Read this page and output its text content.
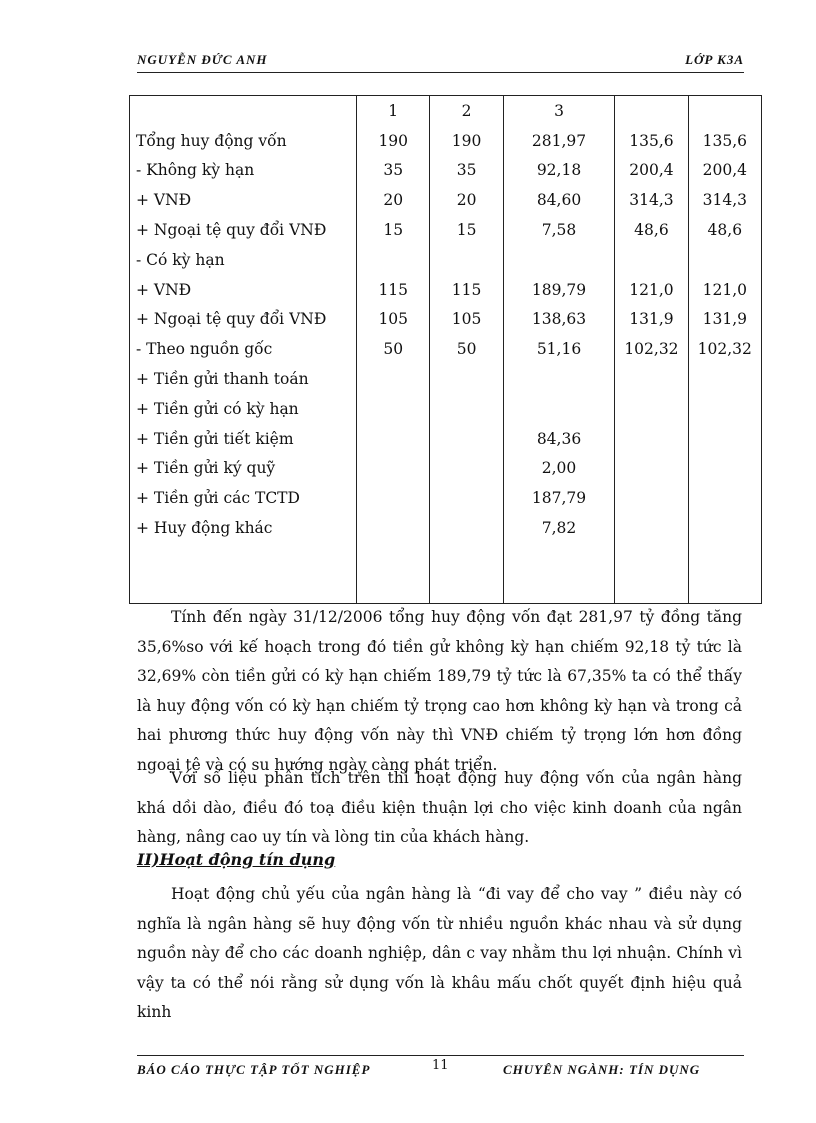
NGUYỄN ĐỨC ANH	LỚP K3A
	1	2	3		
Tổng huy động vốn	190	190	281,97	135,6	135,6
- Không kỳ hạn	35	35	92,18	200,4	200,4
+ VNĐ	20	20	84,60	314,3	314,3
+ Ngoại tệ quy đổi VNĐ	15	15	7,58	48,6	48,6
- Có kỳ hạn					
+ VNĐ	115	115	189,79	121,0	121,0
+ Ngoại tệ quy đổi VNĐ	105	105	138,63	131,9	131,9
- Theo nguồn gốc	50	50	51,16	102,32	102,32
+ Tiền gửi thanh toán					
+ Tiền gửi có kỳ hạn					
+ Tiền gửi tiết kiệm			84,36		
+ Tiền gửi ký quỹ			2,00		
+ Tiền gửi các TCTD			187,79		
+ Huy động khác			7,82		

Tính đến ngày 31/12/2006 tổng huy động vốn đạt 281,97 tỷ đồng tăng 35,6%so với kế hoạch trong đó tiền gử không kỳ hạn chiếm 92,18 tỷ tức là 32,69% còn tiền gửi có kỳ hạn chiếm 189,79 tỷ tức là 67,35% ta có thể thấy là huy động vốn có kỳ hạn chiếm tỷ trọng cao hơn không kỳ hạn và trong cả hai phương thức huy động vốn này thì VNĐ chiếm tỷ trọng lớn hơn đồng ngoại tệ và có su hướng ngày càng phát triển.

Với số liệu phân tích trên thì hoạt động huy động vốn của ngân hàng khá dồi dào, điều đó toạ điều kiện thuận lợi cho việc kinh doanh của ngân hàng, nâng cao uy tín và lòng tin của khách hàng.

II)Hoạt động tín dụng

Hoạt động chủ yếu của ngân hàng là “đi vay để cho vay ” điều này có nghĩa là ngân hàng sẽ huy động vốn từ nhiều nguồn khác nhau và sử dụng nguồn này để cho các doanh nghiệp, dân c vay nhằm thu lợi nhuận. Chính vì vậy ta có thể nói rằng sử dụng vốn là khâu mấu chốt quyết định hiệu quả kinh

BÁO CÁO THỰC TẬP TỐT NGHIỆP	11	CHUYÊN NGÀNH: TÍN DỤNG
